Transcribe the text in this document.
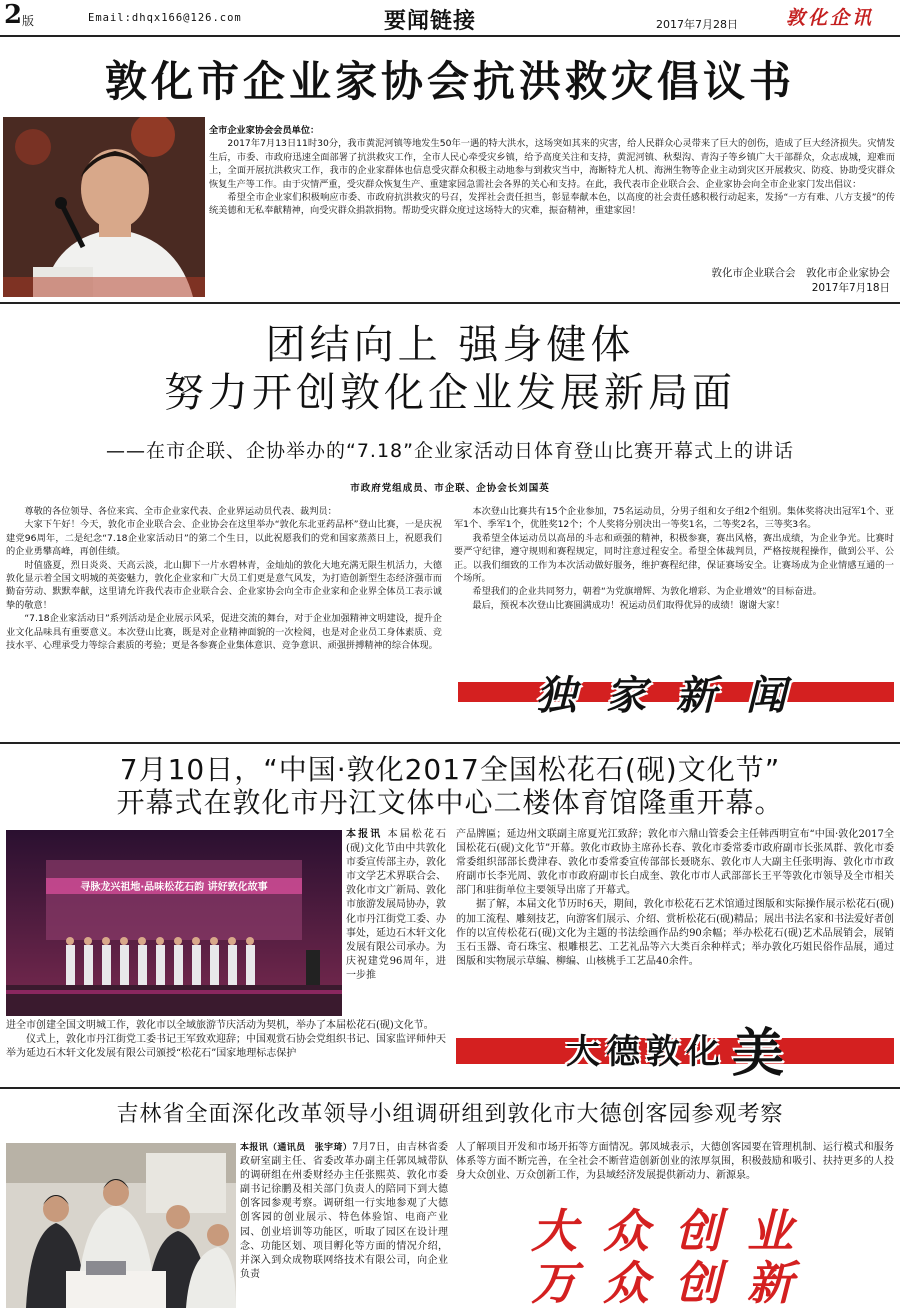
2 版	Email:dhqx166@126.com	要闻链接	2017年7月28日	敦化企讯
敦化市企业家协会抗洪救灾倡议书

全市企业家协会会员单位：

2017年7月13日11时30分，我市黄泥河镇等地发生50年一遇的特大洪水，这场突如其来的灾害，给人民群众心灵带来了巨大的创伤，造成了巨大经济损失。灾情发生后，市委、市政府迅速全面部署了抗洪救灾工作，全市人民心牵受灾乡镇，给予高度关注和支持，黄泥河镇、秋梨沟、青沟子等乡镇广大干部群众，众志成城，迎难而上，全面开展抗洪救灾工作，我市的企业家群体也信息受灾群众积极主动地参与到救灾当中，海断特尤人机、海洲生物等企业主动到灾区开展救灾、防疫、协助受灾群众恢复生产等工作。由于灾情严重，受灾群众恢复生产、重建家园急需社会各界的关心和支持。在此，我代表市企业联合会、企业家协会向全市企业家门发出倡议：

希望全市企业家们积极响应市委、市政府抗洪救灾的号召，发挥社会责任担当，彰显奉献本色，以高度的社会责任感积极行动起来，发扬“一方有难、八方支援”的传统美德和无私奉献精神，向受灾群众捐款捐物。帮助受灾群众度过这场特大的灾难，振奋精神，重建家园！

敦化市企业联合会　敦化市企业家协会
2017年7月18日
团结向上 强身健体
努力开创敦化企业发展新局面
——在市企联、企协举办的“7.18”企业家活动日体育登山比赛开幕式上的讲话
市政府党组成员、市企联、企协会长刘国英

尊敬的各位领导、各位来宾、全市企业家代表、企业界运动员代表、裁判员：

大家下午好！今天，敦化市企业联合会、企业协会在这里举办“敦化东北亚药品杯”登山比赛，一是庆祝建党96周年，二是纪念“7.18企业家活动日”的第二个生日，以此祝愿我们的党和国家蒸蒸日上，祝愿我们的企业勇攀高峰，再创佳绩。

时值盛夏，烈日炎炎、天高云淡，北山脚下一片水碧林青，金灿灿的敦化大地充满无限生机活力，大德敦化显示着全国文明城的英姿魅力，敦化企业家和广大员工们更是意气风发，为打造创新型生态经济强市而勤奋劳动、默默奉献，这里请允许我代表市企业联合会、企业家协会向全市企业家和企业界全体员工表示诚挚的敬意！

“7.18企业家活动日”系列活动是企业展示风采，促进交流的舞台，对于企业加强精神文明建设，提升企业文化品味具有重要意义。本次登山比赛，既是对企业精神面貌的一次检阅，也是对企业员工身体素质、竞技水平、心理承受力等综合素质的考验；更是各参赛企业集体意识、竞争意识、顽强拼搏精神的综合体现。

本次登山比赛共有15个企业参加，75名运动员，分男子组和女子组2个组别。集体奖将决出冠军1个、亚军1个、季军1个，优胜奖12个；个人奖将分别决出一等奖1名，二等奖2名，三等奖3名。

我希望全体运动员以高昂的斗志和顽强的精神，积极参赛，赛出风格，赛出成绩，为企业争光。比赛时要严守纪律，遵守规则和赛程规定，同时注意过程安全。希望全体裁判员，严格按规程操作，做到公平、公正。以我们细致的工作为本次活动做好服务，维护赛程纪律，保证赛场安全。让赛场成为企业情感互通的一个场所。

希望我们的企业共同努力，朝着“为党旗增辉、为敦化增彩、为企业增效”的目标奋进。

最后，预祝本次登山比赛圆满成功！祝运动员们取得优异的成绩！谢谢大家！

独家新闻
7月10日，“中国·敦化2017全国松花石(砚)文化节”
开幕式在敦化市丹江文体中心二楼体育馆隆重开幕。
寻脉龙兴祖地·品味松花石韵 讲好敦化故事

本报讯 本届松花石(砚)文化节由中共敦化市委宣传部主办，敦化市文学艺术界联合会、敦化市文广新局、敦化市旅游发展局协办，敦化市丹江街党工委、办事处，延边石木轩文化发展有限公司承办。为庆祝建党96周年，进一步推

进全市创建全国文明城工作，敦化市以全域旅游节庆活动为契机，举办了本届松花石(砚)文化节。

仪式上，敦化市丹江街党工委书记王军致欢迎辞；中国观赏石协会党组织书记、国家监评师仲天举为延边石木轩文化发展有限公司颁授“松花石”国家地理标志保护

产品牌匾；延边州文联副主席夏光江致辞；敦化市六鼎山管委会主任韩西明宣布“中国·敦化2017全国松花石(砚)文化节”开幕。敦化市政协主席孙长春、敦化市委常委市政府副市长张凤群、敦化市委常委组织部部长费津春、敦化市委常委宣传部部长聂晓东、敦化市人大副主任张明海、敦化市市政府副市长李光周、敦化市市政府副市长白成奎、敦化市市人武部部长王平等敦化市领导及全市相关部门和驻街单位主要领导出席了开幕式。

据了解，本届文化节历时6天，期间，敦化市松花石艺术馆通过图版和实际操作展示松花石(砚)的加工流程、雕刻技艺，向游客们展示、介绍、赏析松花石(砚)精品；展出书法名家和书法爱好者创作的以宣传松花石(砚)文化为主题的书法绘画作品约90余幅；举办松花石(砚)艺术品展销会，展销玉石玉器、奇石珠宝、根雕根艺、工艺礼品等六大类百余种样式；举办敦化巧姐民俗作品展，通过图版和实物展示草编、柳编、山核桃手工艺品40余件。

大德敦化 美
吉林省全面深化改革领导小组调研组到敦化市大德创客园参观考察

本报讯（通讯员　张宇琦）7月7日，由吉林省委政研室副主任、省委改革办副主任郭凤城带队的调研组在州委财经办主任张熙英、敦化市委副书记徐鹏及相关部门负责人的陪同下到大德创客园参观考察。调研组一行实地参观了大德创客园的创业展示、特色体验馆、电商产业园、创业培训等功能区，听取了园区在设计理念、功能区划、项目孵化等方面的情况介绍，并深入到众成物联网络技术有限公司，向企业负责

人了解项目开发和市场开拓等方面情况。郭凤城表示，大德创客园要在管理机制、运行模式和服务体系等方面不断完善，在全社会不断营造创新创业的浓厚氛围，积极鼓励和吸引、扶持更多的人投身大众创业、万众创新工作，为县域经济发展提供新动力、新源泉。

大众创业
万众创新
